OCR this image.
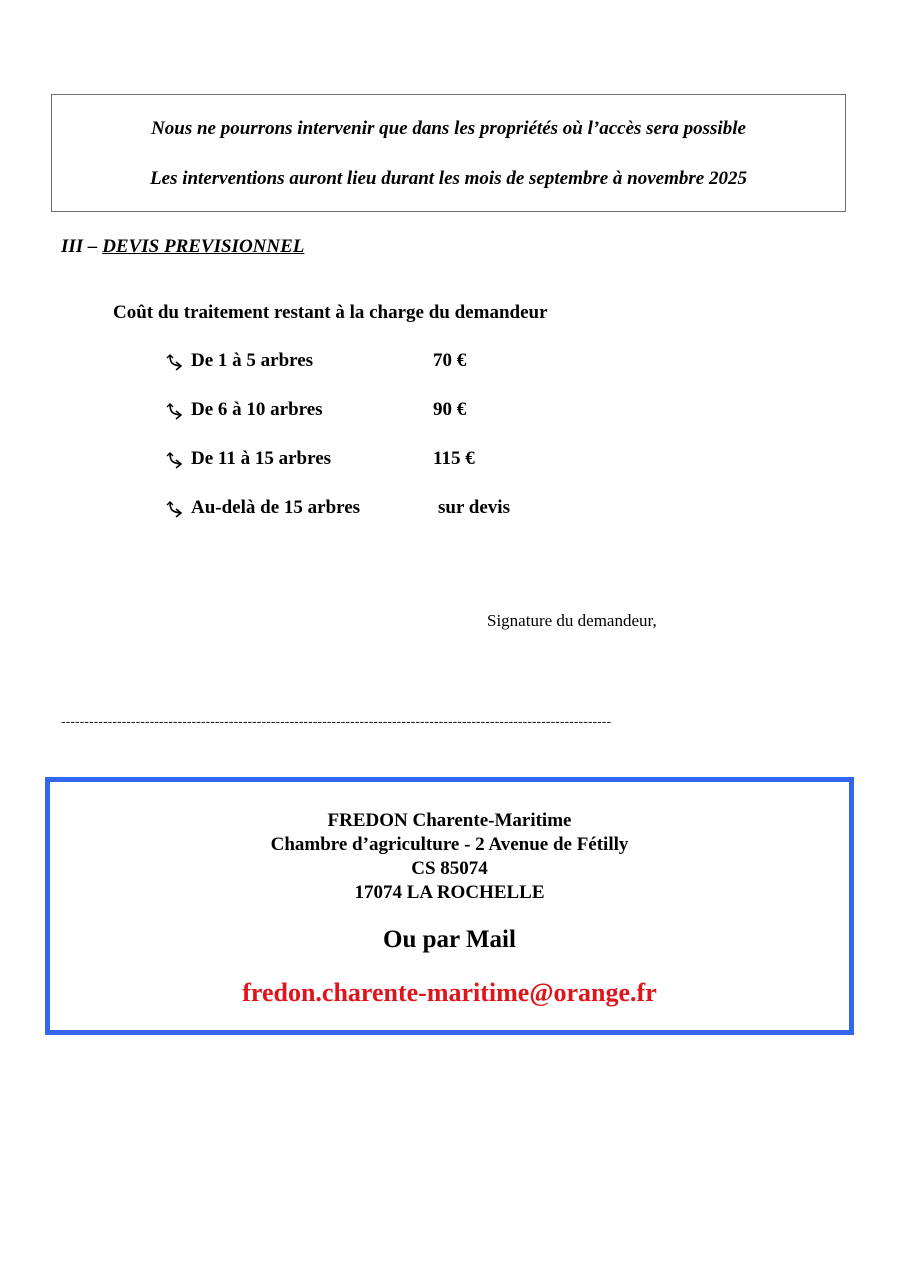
Nous ne pourrons intervenir que dans les propriétés où l’accès sera possible
Les interventions auront lieu durant les mois de septembre à novembre 2025
III – DEVIS PREVISIONNEL
Coût du traitement restant à la charge du demandeur
De 1 à 5 arbres	70 €
De 6 à 10 arbres	90 €
De 11 à 15 arbres	115 €
Au-delà de 15 arbres	sur devis
Signature du demandeur,
----------------------------------------------------------------------------------------------------------------------
FREDON Charente-Maritime
Chambre d’agriculture - 2 Avenue de Fétilly
CS 85074
17074 LA ROCHELLE
Ou par Mail
fredon.charente-maritime@orange.fr
